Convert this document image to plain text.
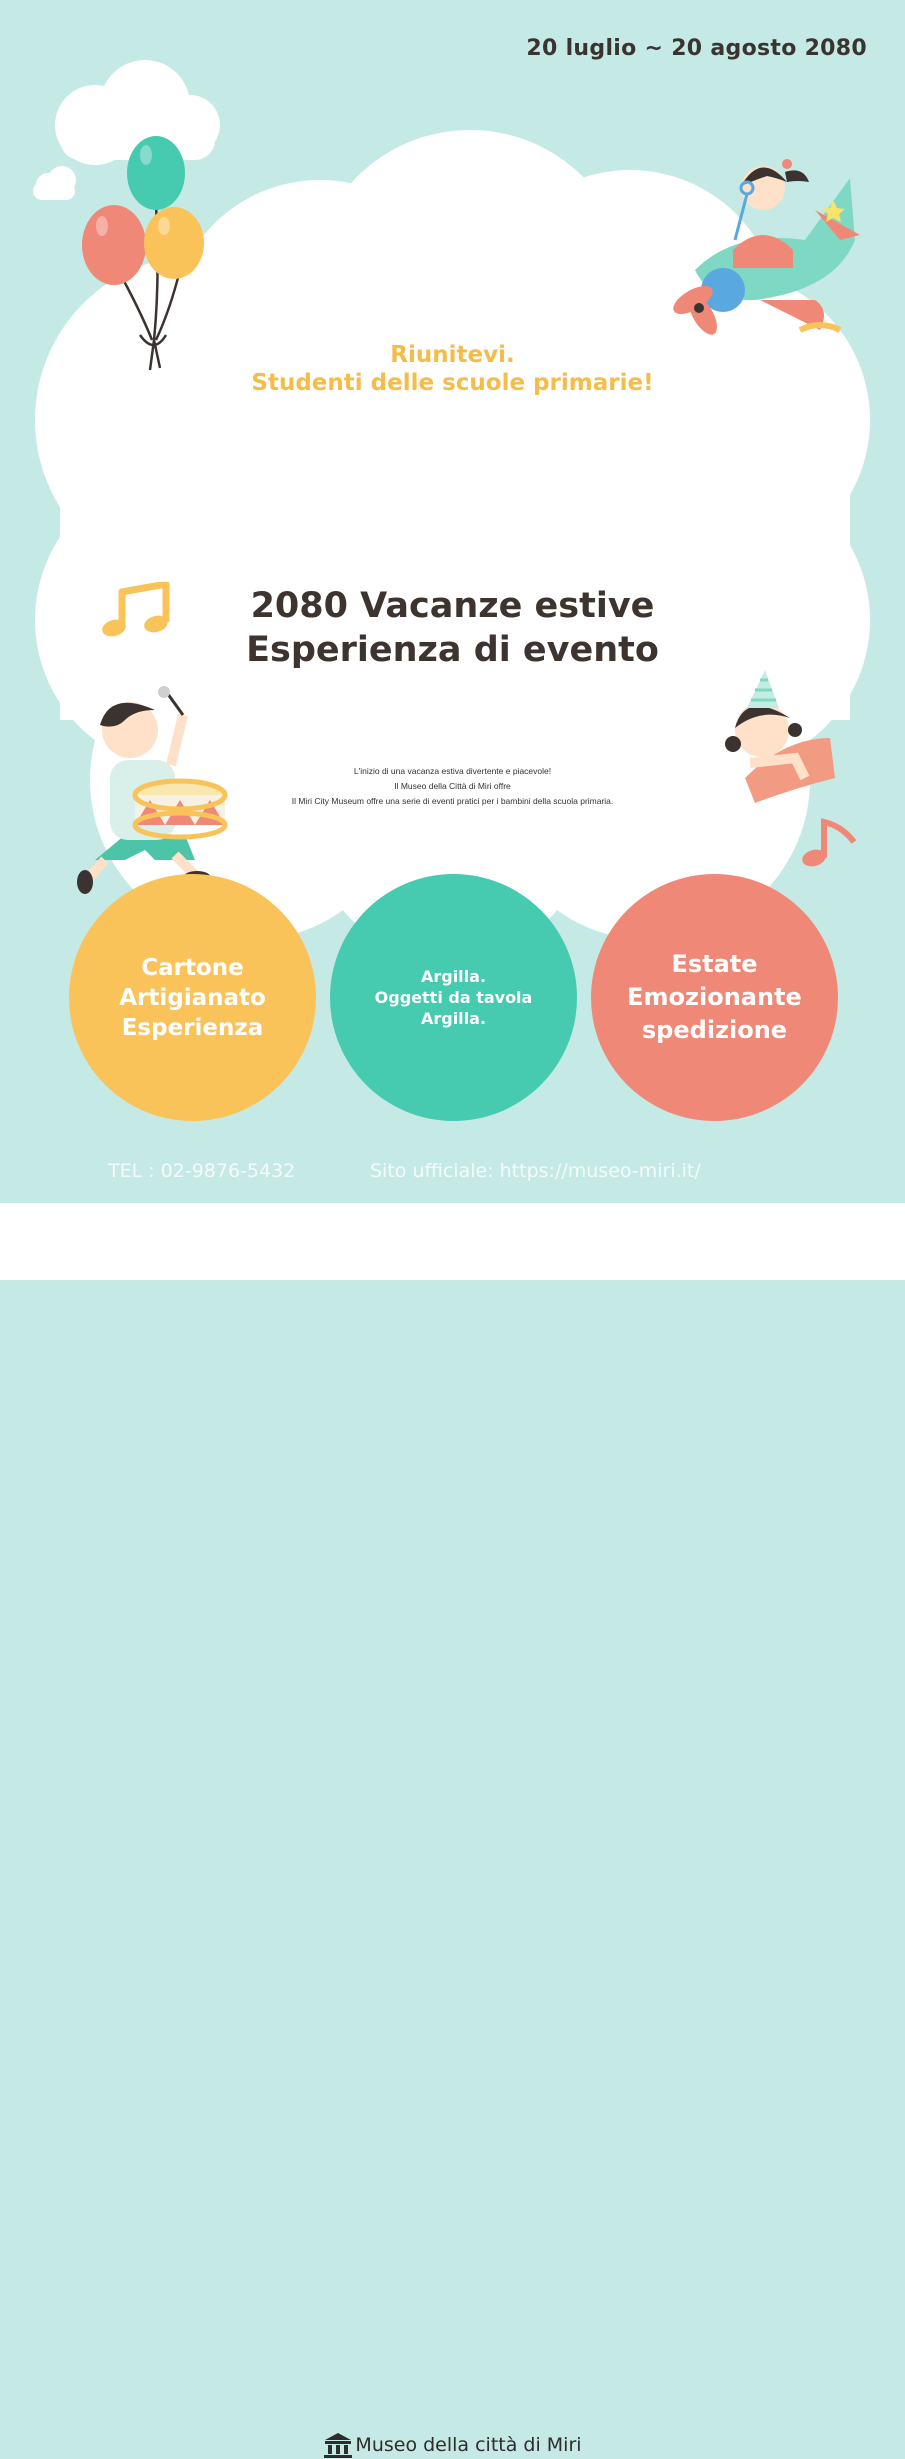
20 luglio ~ 20 agosto 2080
Riunitevi.
Studenti delle scuole primarie!
2080 Vacanze estive
Esperienza di evento
L'inizio di una vacanza estiva divertente e piacevole!
Il Museo della Città di Miri offre
Il Miri City Museum offre una serie di eventi pratici per i bambini della scuola primaria.
Cartone
Artigianato
Esperienza
Argilla.
Oggetti da tavola
Argilla.
Estate
Emozionante
spedizione
TEL : 02-9876-5432	Sito ufficiale: https://museo-miri.it/
Museo della città di Miri
